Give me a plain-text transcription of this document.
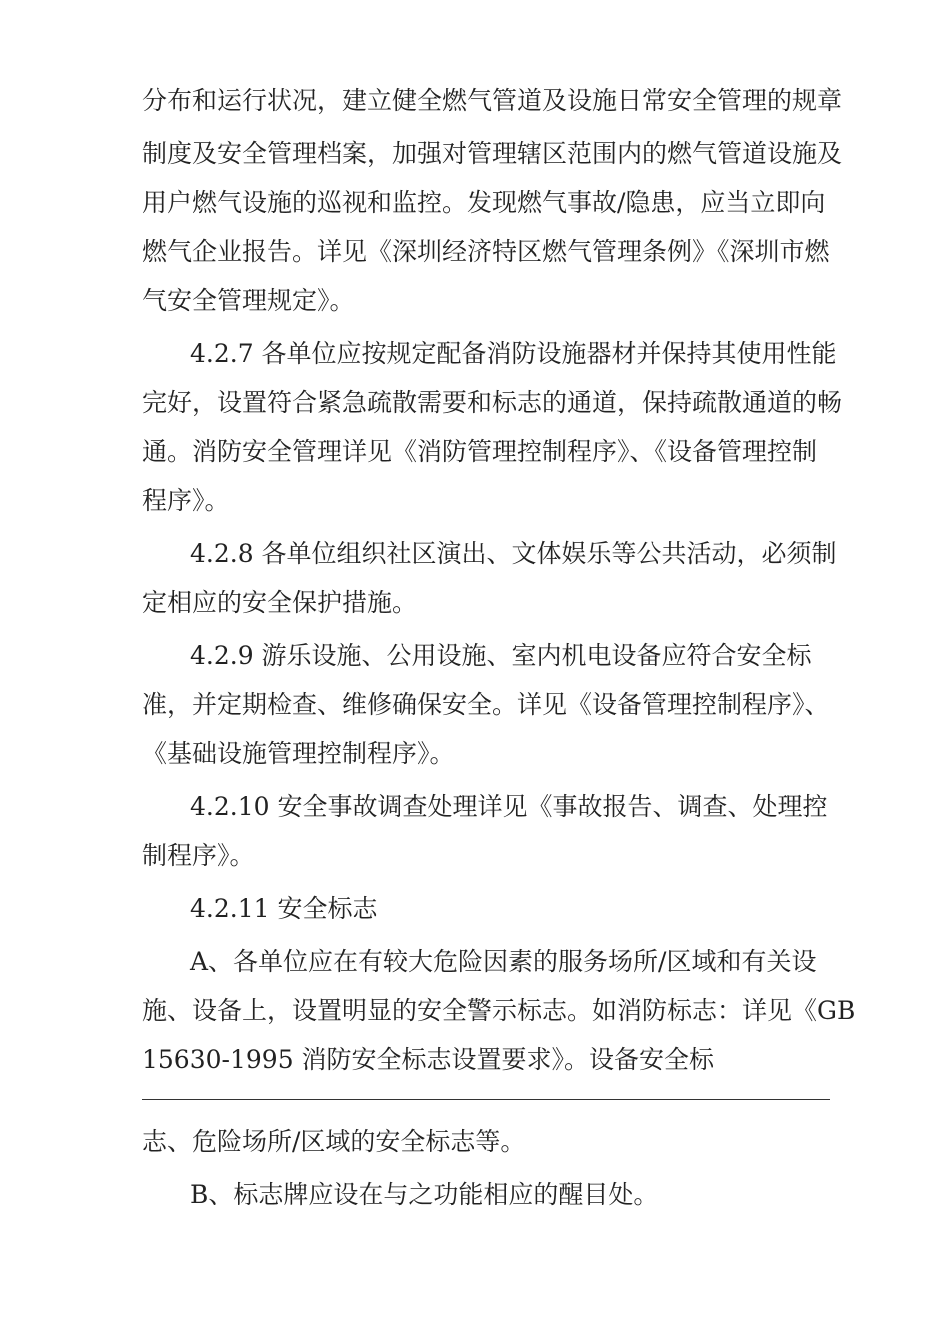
分布和运行状况，建立健全燃气管道及设施日常安全管理的规章
制度及安全管理档案，加强对管理辖区范围内的燃气管道设施及
用户燃气设施的巡视和监控。发现燃气事故/隐患，应当立即向
燃气企业报告。详见《深圳经济特区燃气管理条例》《深圳市燃
气安全管理规定》。
4.2.7 各单位应按规定配备消防设施器材并保持其使用性能
完好，设置符合紧急疏散需要和标志的通道，保持疏散通道的畅
通。消防安全管理详见《消防管理控制程序》、《设备管理控制
程序》。
4.2.8 各单位组织社区演出、文体娱乐等公共活动，必须制
定相应的安全保护措施。
4.2.9 游乐设施、公用设施、室内机电设备应符合安全标
准，并定期检查、维修确保安全。详见《设备管理控制程序》、
《基础设施管理控制程序》。
4.2.10 安全事故调查处理详见《事故报告、调查、处理控
制程序》。
4.2.11 安全标志
A、各单位应在有较大危险因素的服务场所/区域和有关设
施、设备上，设置明显的安全警示标志。如消防标志：详见《GB
15630-1995 消防安全标志设置要求》。设备安全标
志、危险场所/区域的安全标志等。
B、标志牌应设在与之功能相应的醒目处。
